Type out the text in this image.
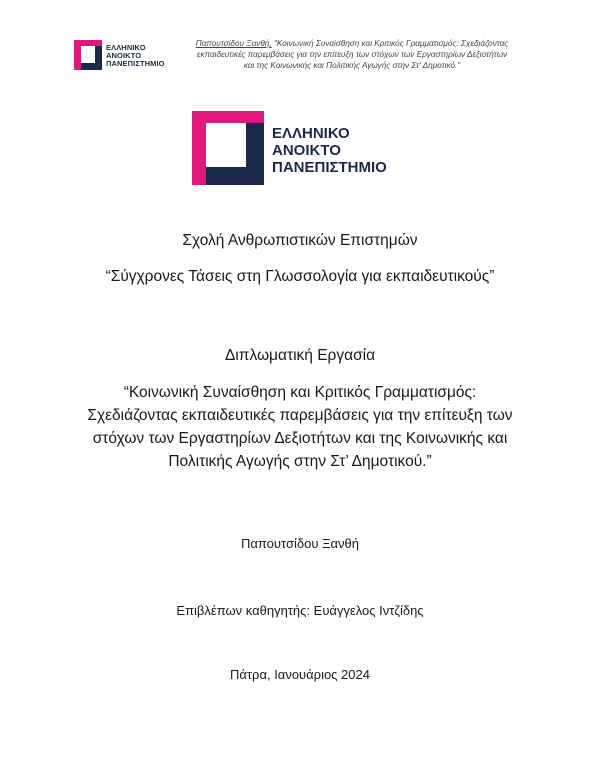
ΕΛΛΗΝΙΚΟ
ΑΝΟΙΚΤΟ
ΠΑΝΕΠΙΣΤΗΜΙΟ
Παπουτσίδου Ξανθή, "Κοινωνική Συναίσθηση και Κριτικός Γραμματισμός: Σχεδιάζοντας
εκπαιδευτικές παρεμβάσεις για την επίτευξη των στόχων των Εργαστηρίων Δεξιοτήτων
και της Κοινωνικής και Πολιτικής Αγωγής στην Στ' Δημοτικό."
ΕΛΛΗΝΙΚΟ
ΑΝΟΙΚΤΟ
ΠΑΝΕΠΙΣΤΗΜΙΟ
Σχολή Ανθρωπιστικών Επιστημών
“Σύγχρονες Τάσεις στη Γλωσσολογία για εκπαιδευτικούς”
Διπλωματική Εργασία
“Κοινωνική Συναίσθηση και Κριτικός Γραμματισμός:
Σχεδιάζοντας εκπαιδευτικές παρεμβάσεις για την επίτευξη των
στόχων των Εργαστηρίων Δεξιοτήτων και της Κοινωνικής και
Πολιτικής Αγωγής στην Στ’ Δημοτικού.”
Παπουτσίδου Ξανθή
Επιβλέπων καθηγητής: Ευάγγελος Ιντζίδης
Πάτρα, Ιανουάριος 2024
